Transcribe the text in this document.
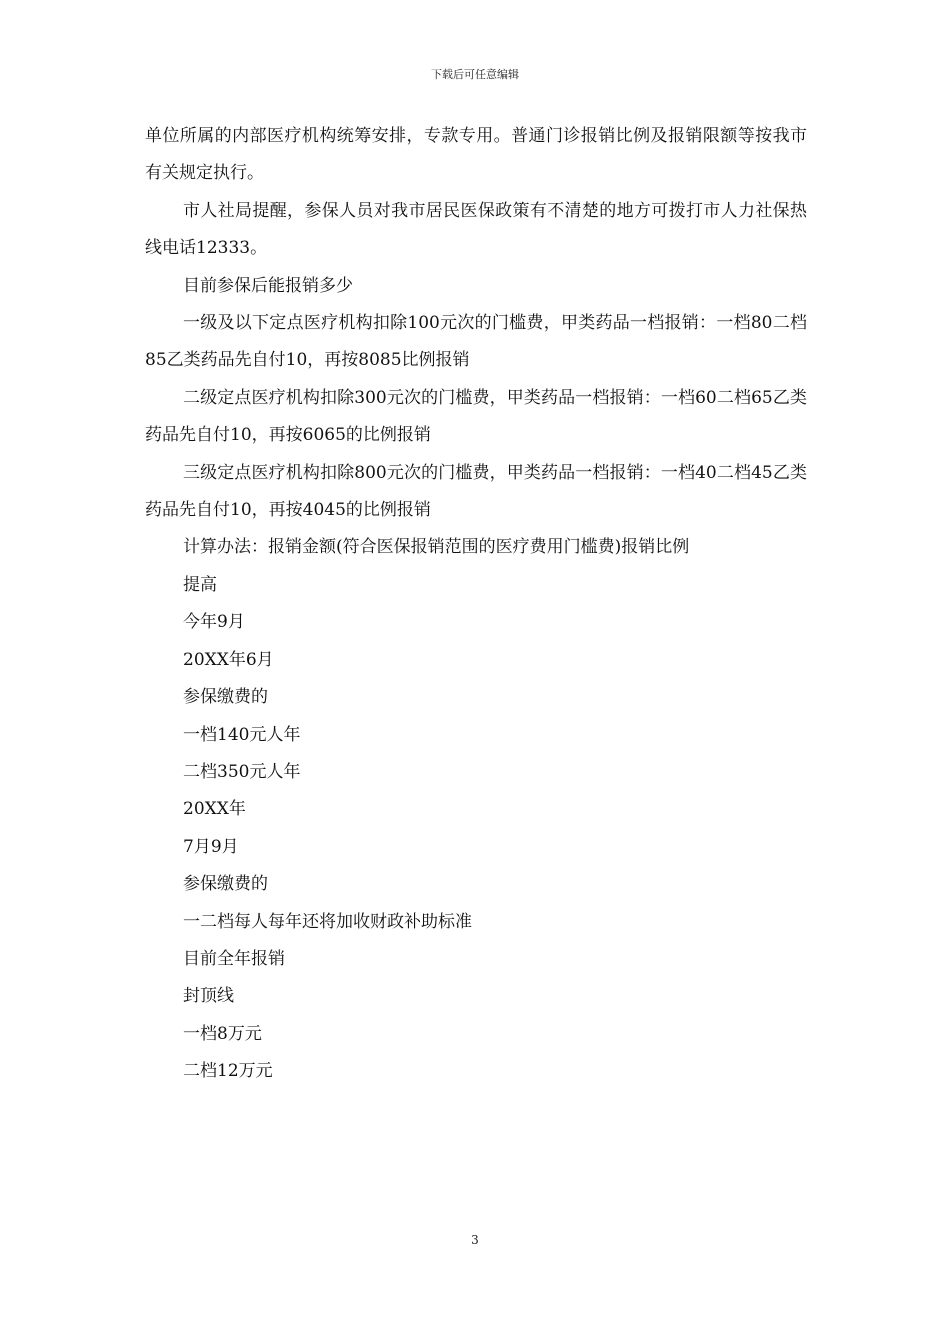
下载后可任意编辑

单位所属的内部医疗机构统筹安排，专款专用。普通门诊报销比例及报销限额等按我市有关规定执行。

市人社局提醒，参保人员对我市居民医保政策有不清楚的地方可拨打市人力社保热线电话12333。

目前参保后能报销多少

一级及以下定点医疗机构扣除100元次的门槛费，甲类药品一档报销：一档80二档85乙类药品先自付10，再按8085比例报销

二级定点医疗机构扣除300元次的门槛费，甲类药品一档报销：一档60二档65乙类药品先自付10，再按6065的比例报销

三级定点医疗机构扣除800元次的门槛费，甲类药品一档报销：一档40二档45乙类药品先自付10，再按4045的比例报销

计算办法：报销金额(符合医保报销范围的医疗费用门槛费)报销比例

提高

今年9月

20XX年6月

参保缴费的

一档140元人年

二档350元人年

20XX年

7月9月

参保缴费的

一二档每人每年还将加收财政补助标准

目前全年报销

封顶线

一档8万元

二档12万元

3
